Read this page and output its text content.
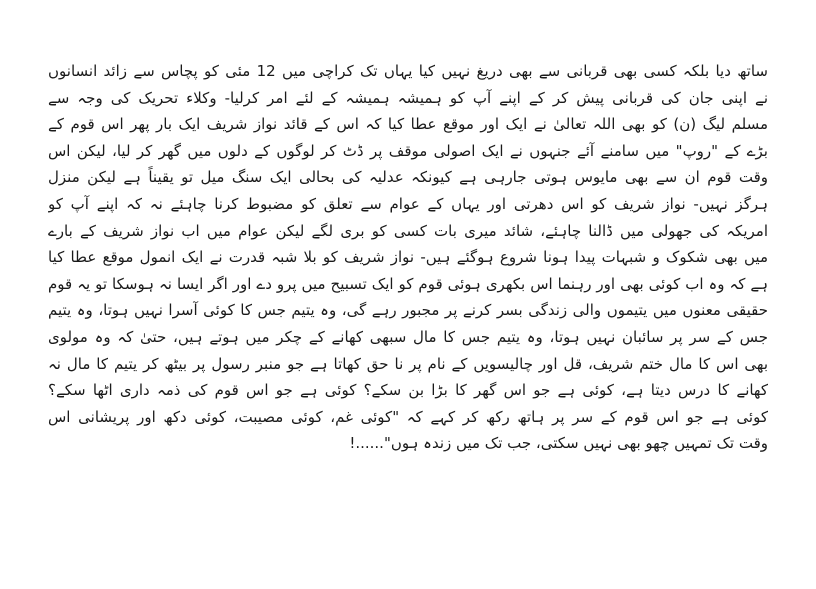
ساتھ دیا بلکہ کسی بھی قربانی سے بھی دریغ نہیں کیا یہاں تک کراچی میں 12 مئی کو پچاس سے زائد انسانوں
نے اپنی جان کی قربانی پیش کر کے اپنے آپ کو ہمیشہ ہمیشہ کے لئے امر کرلیا- وکلاء تحریک کی وجہ سے
مسلم لیگ (ن) کو بھی اللہ تعالیٰ نے ایک اور موقع عطا کیا کہ اس کے قائد نواز شریف ایک بار پھر اس قوم کے
بڑے کے "روپ" میں سامنے آئے جنہوں نے ایک اصولی موقف پر ڈٹ کر لوگوں کے دلوں میں گھر کر لیا، لیکن اس
وقت قوم ان سے بھی مایوس ہوتی جارہی ہے کیونکہ عدلیہ کی بحالی ایک سنگ میل تو یقیناً ہے لیکن منزل
ہرگز نہیں- نواز شریف کو اس دھرتی اور یہاں کے عوام سے تعلق کو مضبوط کرنا چاہئے نہ کہ اپنے آپ کو
امریکہ کی جھولی میں ڈالنا چاہئے، شائد میری بات کسی کو بری لگے لیکن عوام میں اب نواز شریف کے بارے
میں بھی شکوک و شبہات پیدا ہونا شروع ہوگئے ہیں- نواز شریف کو بلا شبہ قدرت نے ایک انمول موقع عطا کیا
ہے کہ وہ اب کوئی بھی اور رہنما اس بکھری ہوئی قوم کو ایک تسبیح میں پرو دے اور اگر ایسا نہ ہوسکا تو یہ قوم
حقیقی معنوں میں یتیموں والی زندگی بسر کرنے پر مجبور رہے گی، وہ یتیم جس کا کوئی آسرا نہیں ہوتا، وہ یتیم
جس کے سر پر سائبان نہیں ہوتا، وہ یتیم جس کا مال سبھی کھانے کے چکر میں ہوتے ہیں، حتیٰ کہ وہ مولوی
بھی اس کا مال ختم شریف، قل اور چالیسویں کے نام پر نا حق کھاتا ہے جو منبر رسول پر بیٹھ کر یتیم کا مال نہ
کھانے کا درس دیتا ہے، کوئی ہے جو اس گھر کا بڑا بن سکے؟ کوئی ہے جو اس قوم کی ذمہ داری اٹھا سکے؟
کوئی ہے جو اس قوم کے سر پر ہاتھ رکھ کر کہے کہ "کوئی غم، کوئی مصیبت، کوئی دکھ اور پریشانی اس
وقت تک تمہیں چھو بھی نہیں سکتی، جب تک میں زندہ ہوں"......!
